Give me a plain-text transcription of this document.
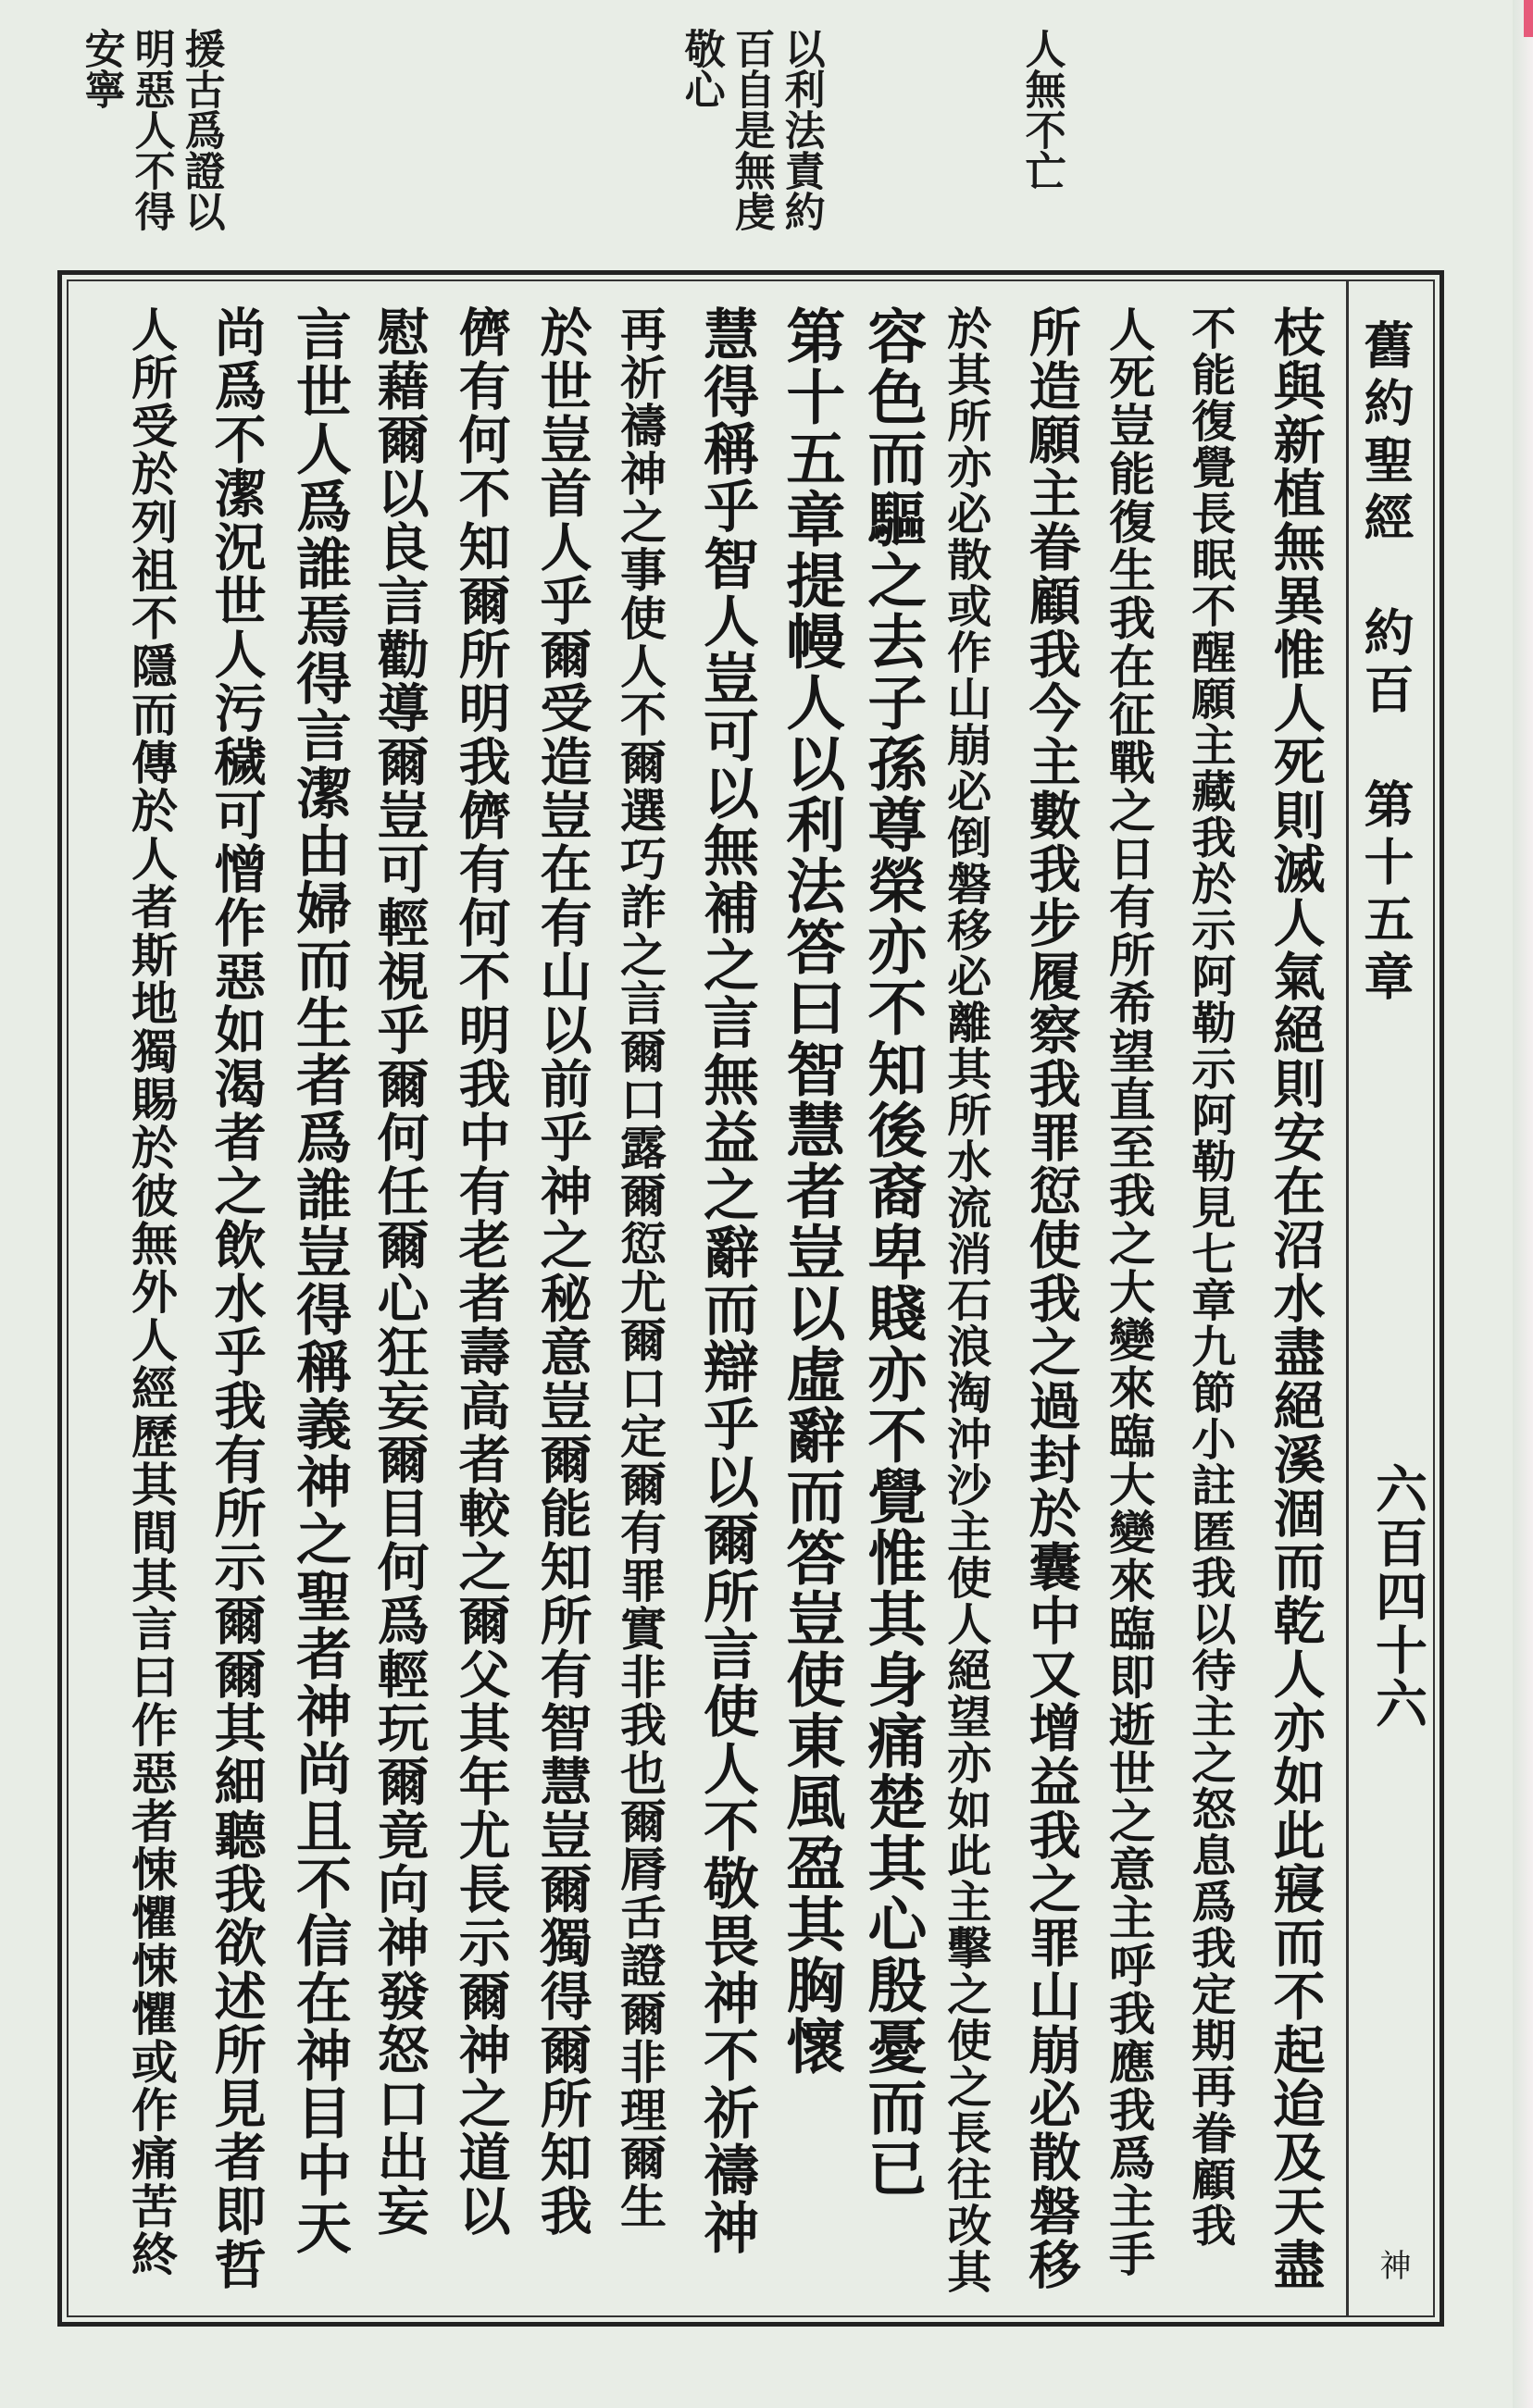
人無不亡
以利法責約
百自是無虔
敬心
援古爲證以
明惡人不得
安寧
舊約聖經　約百　第十五章
六百四十六
神
枝與新植無異惟人死則滅人氣絕則安在沼水盡絕溪涸而乾人亦如此寢而不起迨及天盡
不能復覺長眠不醒願主藏我於示阿勒示阿勒見七章九節小註匿我以待主之怒息爲我定期再眷顧我
人死豈能復生我在征戰之日有所希望直至我之大變來臨大變來臨即逝世之意主呼我應我爲主手
所造願主眷顧我今主數我步履察我罪愆使我之過封於囊中又增益我之罪山崩必散磐移
於其所亦必散或作山崩必倒磐移必離其所水流消石浪淘沖沙主使人絕望亦如此主擊之使之長往改其
容色而驅之去子孫尊榮亦不知後裔卑賤亦不覺惟其身痛楚其心殷憂而已
第十五章提幔人以利法答曰智慧者豈以虛辭而答豈使東風盈其胸懷
慧得稱乎智人豈可以無補之言無益之辭而辯乎以爾所言使人不敬畏神不祈禱神
再祈禱神之事使人不爾選巧詐之言爾口露爾愆尤爾口定爾有罪實非我也爾脣舌證爾非理爾生
於世豈首人乎爾受造豈在有山以前乎神之秘意豈爾能知所有智慧豈爾獨得爾所知我
儕有何不知爾所明我儕有何不明我中有老者壽高者較之爾父其年尤長示爾神之道以
慰藉爾以良言勸導爾豈可輕視乎爾何任爾心狂妄爾目何爲輕玩爾竟向神發怒口出妄
言世人爲誰焉得言潔由婦而生者爲誰豈得稱義神之聖者神尚且不信在神目中天
尚爲不潔況世人污穢可憎作惡如渴者之飲水乎我有所示爾爾其細聽我欲述所見者即哲
人所受於列祖不隱而傳於人者斯地獨賜於彼無外人經歷其間其言曰作惡者悚懼悚懼或作痛苦終
